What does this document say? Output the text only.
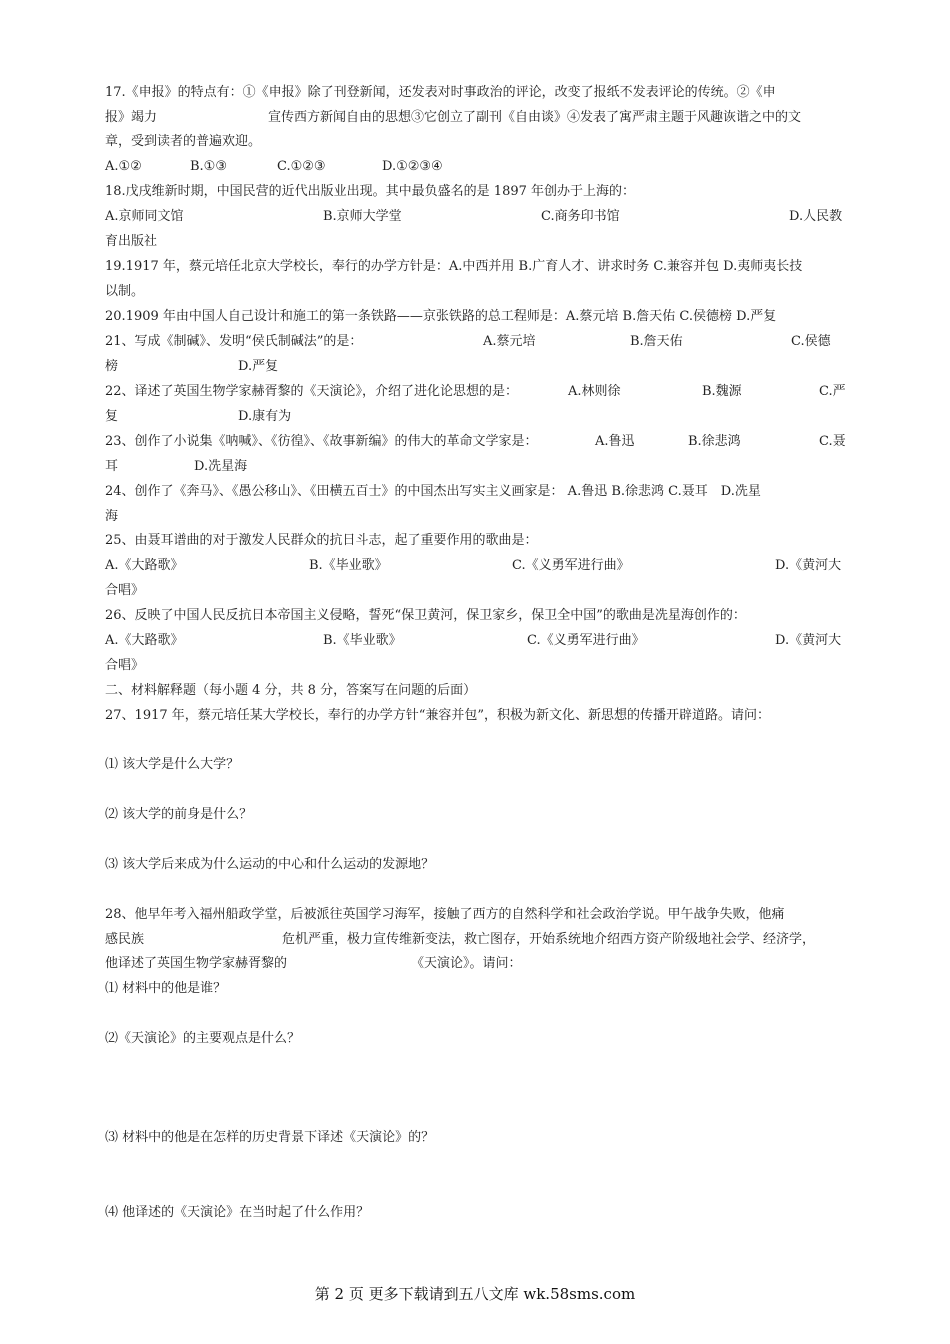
17.《申报》的特点有：①《申报》除了刊登新闻，还发表对时事政治的评论，改变了报纸不发表评论的传统。②《申
报》竭力	宣传西方新闻自由的思想③它创立了副刊《自由谈》④发表了寓严肃主题于风趣诙谐之中的文
章，受到读者的普遍欢迎。
A.①②	B.①③	C.①②③	D.①②③④
18.戊戌维新时期，中国民营的近代出版业出现。其中最负盛名的是 1897 年创办于上海的：
A.京师同文馆	B.京师大学堂	C.商务印书馆	D.人民教
育出版社
19.1917 年，蔡元培任北京大学校长，奉行的办学方针是：A.中西并用 B.广育人才、讲求时务 C.兼容并包 D.夷师夷长技
以制。
20.1909 年由中国人自己设计和施工的第一条铁路——京张铁路的总工程师是：A.蔡元培 B.詹天佑 C.侯德榜 D.严复
21、写成《制碱》、发明“侯氏制碱法”的是：	A.蔡元培	B.詹天佑	C.侯德
榜	D.严复
22、译述了英国生物学家赫胥黎的《天演论》，介绍了进化论思想的是：	A.林则徐	B.魏源	C.严
复	D.康有为
23、创作了小说集《呐喊》、《彷徨》、《故事新编》的伟大的革命文学家是：	A.鲁迅	B.徐悲鸿	C.聂
耳	D.冼星海
24、创作了《奔马》、《愚公移山》、《田横五百士》的中国杰出写实主义画家是： A.鲁迅 B.徐悲鸿 C.聂耳　D.冼星
海
25、由聂耳谱曲的对于激发人民群众的抗日斗志，起了重要作用的歌曲是：
A.《大路歌》	B.《毕业歌》	C.《义勇军进行曲》	D.《黄河大
合唱》
26、反映了中国人民反抗日本帝国主义侵略，誓死“保卫黄河，保卫家乡，保卫全中国”的歌曲是冼星海创作的：
A.《大路歌》	B.《毕业歌》	C.《义勇军进行曲》	D.《黄河大
合唱》
二、材料解释题（每小题 4 分，共 8 分，答案写在问题的后面）
27、1917 年，蔡元培任某大学校长，奉行的办学方针“兼容并包”，积极为新文化、新思想的传播开辟道路。请问：
⑴ 该大学是什么大学？
⑵ 该大学的前身是什么？
⑶ 该大学后来成为什么运动的中心和什么运动的发源地？
28、他早年考入福州船政学堂，后被派往英国学习海军，接触了西方的自然科学和社会政治学说。甲午战争失败，他痛
感民族	危机严重，极力宣传维新变法，救亡图存，开始系统地介绍西方资产阶级地社会学、经济学，
他译述了英国生物学家赫胥黎的	《天演论》。请问：
⑴ 材料中的他是谁？
⑵《天演论》的主要观点是什么？
⑶ 材料中的他是在怎样的历史背景下译述《天演论》的？
⑷ 他译述的《天演论》在当时起了什么作用？
第 2 页 更多下载请到五八文库 wk.58sms.com
